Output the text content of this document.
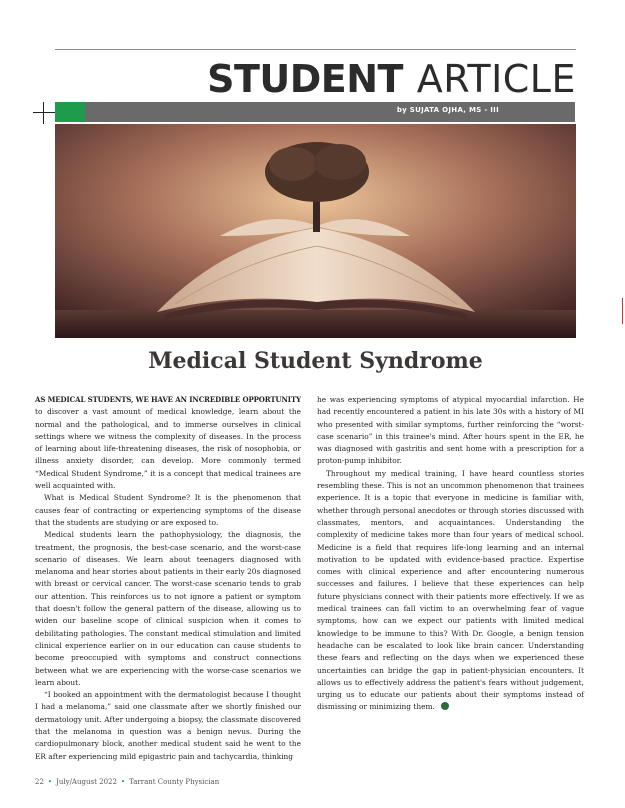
STUDENT ARTICLE
by SUJATA OJHA, MS - III
Medical Student Syndrome

AS MEDICAL STUDENTS, WE HAVE AN INCREDIBLE OPPORTUNITY to discover a vast amount of medical knowledge, learn about the normal and the pathological, and to immerse ourselves in clinical settings where we witness the complexity of diseases. In the process of learning about life-threatening diseases, the risk of nosophobia, or illness anxiety disorder, can develop. More commonly termed “Medical Student Syndrome,” it is a concept that medical trainees are well acquainted with.

What is Medical Student Syndrome? It is the phenomenon that causes fear of contracting or experiencing symptoms of the disease that the students are studying or are exposed to.

Medical students learn the pathophysiology, the diagnosis, the treatment, the prognosis, the best-case scenario, and the worst-case scenario of diseases. We learn about teenagers diagnosed with melanoma and hear stories about patients in their early 20s diagnosed with breast or cervical cancer. The worst-case scenario tends to grab our attention. This reinforces us to not ignore a patient or symptom that doesn't follow the general pattern of the disease, allowing us to widen our baseline scope of clinical suspicion when it comes to debilitating pathologies. The constant medical stimulation and limited clinical experience earlier on in our education can cause students to become preoccupied with symptoms and construct connections between what we are experiencing with the worse-case scenarios we learn about.

“I booked an appointment with the dermatologist because I thought I had a melanoma,” said one classmate after we shortly finished our dermatology unit. After undergoing a biopsy, the classmate discovered that the melanoma in question was a benign nevus. During the cardiopulmonary block, another medical student said he went to the ER after experiencing mild epigastric pain and tachycardia, thinking

he was experiencing symptoms of atypical myocardial infarction. He had recently encountered a patient in his late 30s with a history of MI who presented with similar symptoms, further reinforcing the “worst-case scenario” in this trainee's mind. After hours spent in the ER, he was diagnosed with gastritis and sent home with a prescription for a proton-pump inhibitor.

Throughout my medical training, I have heard countless stories resembling these. This is not an uncommon phenomenon that trainees experience. It is a topic that everyone in medicine is familiar with, whether through personal anecdotes or through stories discussed with classmates, mentors, and acquaintances. Understanding the complexity of medicine takes more than four years of medical school. Medicine is a field that requires life-long learning and an internal motivation to be updated with evidence-based practice. Expertise comes with clinical experience and after encountering numerous successes and failures. I believe that these experiences can help future physicians connect with their patients more effectively. If we as medical trainees can fall victim to an overwhelming fear of vague symptoms, how can we expect our patients with limited medical knowledge to be immune to this? With Dr. Google, a benign tension headache can be escalated to look like brain cancer. Understanding these fears and reflecting on the days when we experienced these uncertainties can bridge the gap in patient-physician encounters. It allows us to effectively address the patient's fears without judgement, urging us to educate our patients about their symptoms instead of dismissing or minimizing them.

22 • July/August 2022 • Tarrant County Physician
